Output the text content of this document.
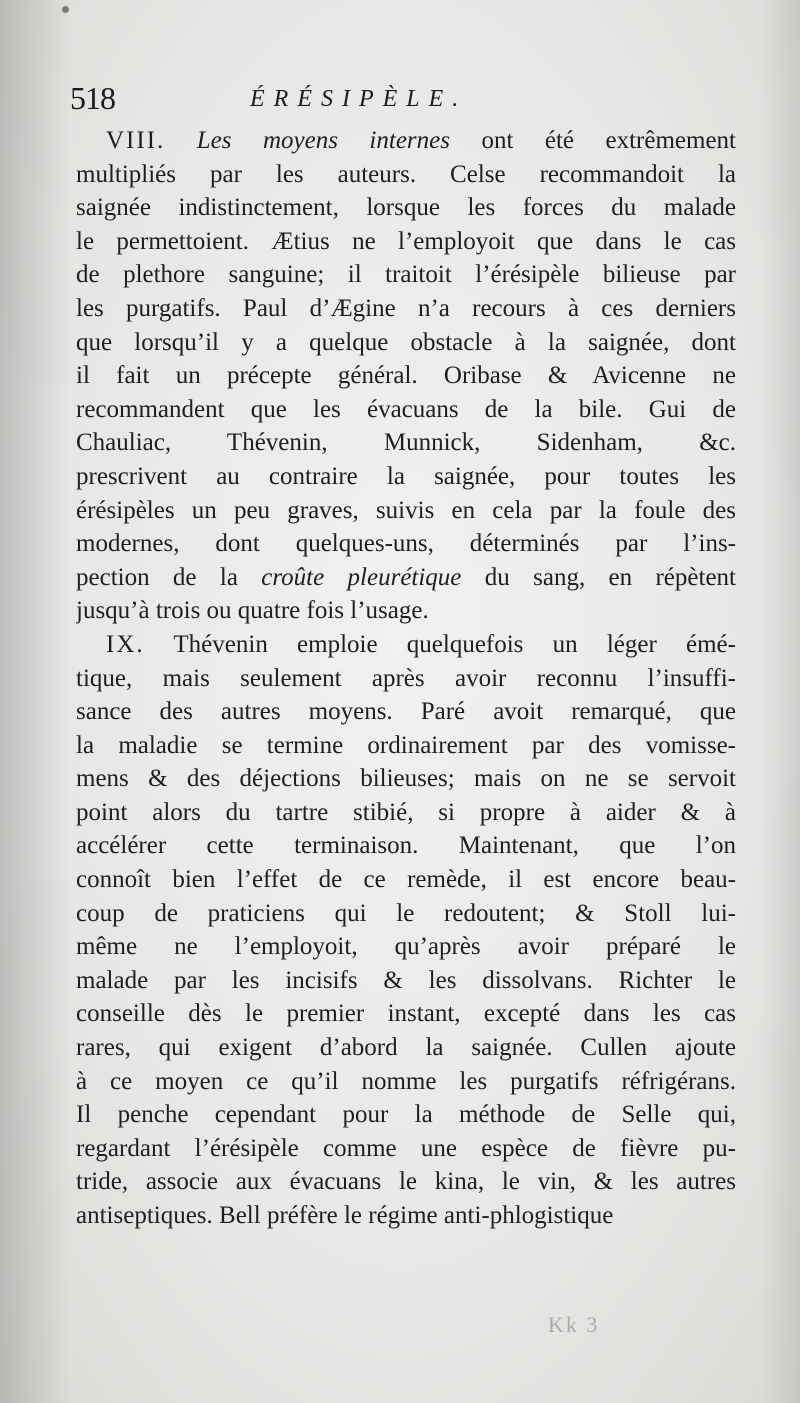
518	ÉRÉSIPÈLE.
VIII. Les moyens internes ont été extrêmement
multipliés par les auteurs. Celse recommandoit la
saignée indistinctement, lorsque les forces du malade
le permettoient. Ætius ne l’employoit que dans le cas
de plethore sanguine; il traitoit l’érésipèle bilieuse par
les purgatifs. Paul d’Ægine n’a recours à ces derniers
que lorsqu’il y a quelque obstacle à la saignée, dont
il fait un précepte général. Oribase & Avicenne ne
recommandent que les évacuans de la bile. Gui de
Chauliac, Thévenin, Munnick, Sidenham, &c.
prescrivent au contraire la saignée, pour toutes les
érésipèles un peu graves, suivis en cela par la foule des
modernes, dont quelques-uns, déterminés par l’ins-
pection de la croûte pleurétique du sang, en répètent
jusqu’à trois ou quatre fois l’usage.
IX. Thévenin emploie quelquefois un léger émé-
tique, mais seulement après avoir reconnu l’insuffi-
sance des autres moyens. Paré avoit remarqué, que
la maladie se termine ordinairement par des vomisse-
mens & des déjections bilieuses; mais on ne se servoit
point alors du tartre stibié, si propre à aider & à
accélérer cette terminaison. Maintenant, que l’on
connoît bien l’effet de ce remède, il est encore beau-
coup de praticiens qui le redoutent; & Stoll lui-
même ne l’employoit, qu’après avoir préparé le
malade par les incisifs & les dissolvans. Richter le
conseille dès le premier instant, excepté dans les cas
rares, qui exigent d’abord la saignée. Cullen ajoute
à ce moyen ce qu’il nomme les purgatifs réfrigérans.
Il penche cependant pour la méthode de Selle qui,
regardant l’érésipèle comme une espèce de fièvre pu-
tride, associe aux évacuans le kina, le vin, & les autres
antiseptiques. Bell préfère le régime anti-phlogistique
Kk 3
